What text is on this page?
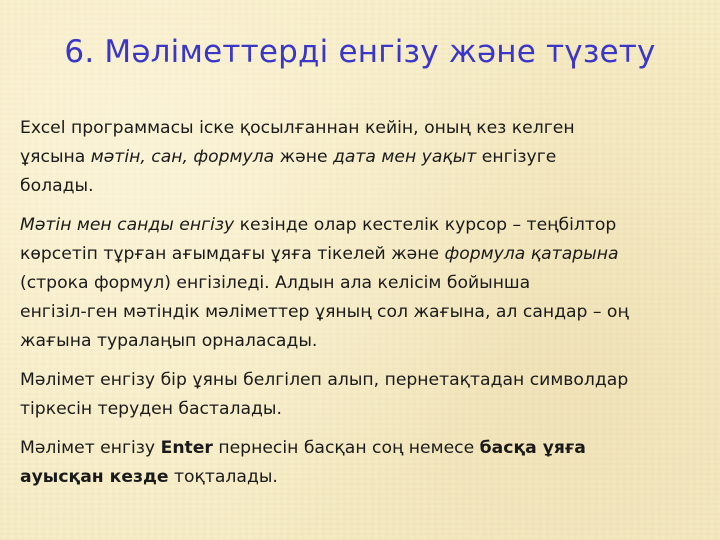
6. Мәліметтерді енгізу және түзету

Excel программасы іске қосылғаннан кейін, оның кез келген
ұясына мәтін, сан, формула және дата мен уақыт енгізуге
болады.

Мәтін мен санды енгізу кезінде олар кестелік курсор – теңбілтор
көрсетіп тұрған ағымдағы ұяға тікелей және формула қатарына
(строка формул) енгізіледі. Алдын ала келісім бойынша
енгізіл-ген мәтіндік мәліметтер ұяның сол жағына, ал сандар – оң
жағына туралаңып орналасады.

Мәлімет енгізу бір ұяны белгілеп алып, пернетақтадан символдар
тіркесін теруден басталады.

Мәлімет енгізу Enter пернесін басқан соң немесе басқа ұяға
ауысқан кезде тоқталады.
